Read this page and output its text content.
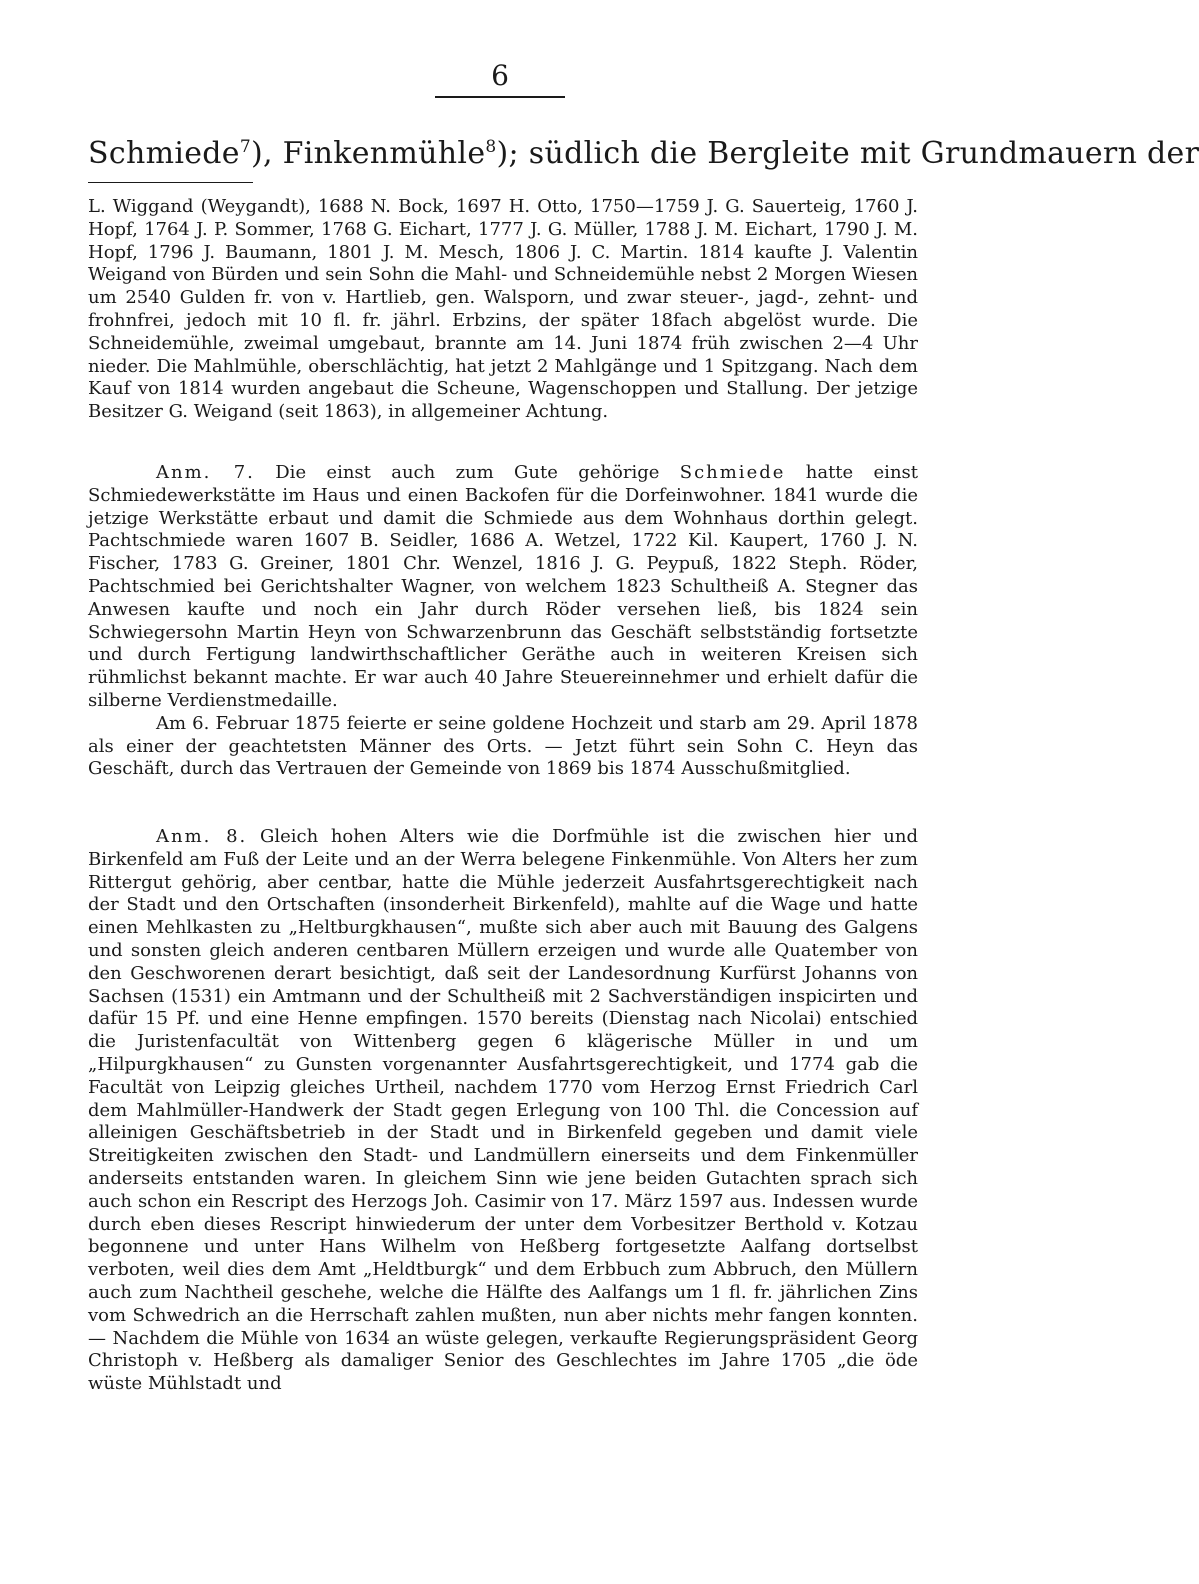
6
Schmiede$^7$), Finkenmühle$^8$); südlich die Bergleite mit Grundmauern der

L. Wiggand (Weygandt), 1688 N. Bock, 1697 H. Otto, 1750—1759 J. G. Sauerteig, 1760 J. Hopf, 1764 J. P. Sommer, 1768 G. Eichart, 1777 J. G. Müller, 1788 J. M. Eichart, 1790 J. M. Hopf, 1796 J. Baumann, 1801 J. M. Mesch, 1806 J. C. Martin. 1814 kaufte J. Valentin Weigand von Bürden und sein Sohn die Mahl- und Schneidemühle nebst 2 Morgen Wiesen um 2540 Gulden fr. von v. Hartlieb, gen. Walsporn, und zwar steuer-, jagd-, zehnt- und frohnfrei, jedoch mit 10 fl. fr. jährl. Erbzins, der später 18fach abgelöst wurde. Die Schneidemühle, zweimal umgebaut, brannte am 14. Juni 1874 früh zwischen 2—4 Uhr nieder. Die Mahlmühle, oberschlächtig, hat jetzt 2 Mahlgänge und 1 Spitzgang. Nach dem Kauf von 1814 wurden angebaut die Scheune, Wagenschoppen und Stallung. Der jetzige Besitzer G. Weigand (seit 1863), in allgemeiner Achtung.

Anm. 7. Die einst auch zum Gute gehörige Schmiede hatte einst Schmiedewerkstätte im Haus und einen Backofen für die Dorfeinwohner. 1841 wurde die jetzige Werkstätte erbaut und damit die Schmiede aus dem Wohnhaus dorthin gelegt. Pachtschmiede waren 1607 B. Seidler, 1686 A. Wetzel, 1722 Kil. Kaupert, 1760 J. N. Fischer, 1783 G. Greiner, 1801 Chr. Wenzel, 1816 J. G. Peypuß, 1822 Steph. Röder, Pachtschmied bei Gerichtshalter Wagner, von welchem 1823 Schultheiß A. Stegner das Anwesen kaufte und noch ein Jahr durch Röder versehen ließ, bis 1824 sein Schwiegersohn Martin Heyn von Schwarzenbrunn das Geschäft selbstständig fortsetzte und durch Fertigung landwirthschaftlicher Geräthe auch in weiteren Kreisen sich rühmlichst bekannt machte. Er war auch 40 Jahre Steuereinnehmer und erhielt dafür die silberne Verdienstmedaille.

Am 6. Februar 1875 feierte er seine goldene Hochzeit und starb am 29. April 1878 als einer der geachtetsten Männer des Orts. — Jetzt führt sein Sohn C. Heyn das Geschäft, durch das Vertrauen der Gemeinde von 1869 bis 1874 Ausschußmitglied.

Anm. 8. Gleich hohen Alters wie die Dorfmühle ist die zwischen hier und Birkenfeld am Fuß der Leite und an der Werra belegene Finkenmühle. Von Alters her zum Rittergut gehörig, aber centbar, hatte die Mühle jederzeit Ausfahrtsgerechtigkeit nach der Stadt und den Ortschaften (insonderheit Birkenfeld), mahlte auf die Wage und hatte einen Mehlkasten zu „Heltburgkhausen“, mußte sich aber auch mit Bauung des Galgens und sonsten gleich anderen centbaren Müllern erzeigen und wurde alle Quatember von den Geschworenen derart besichtigt, daß seit der Landesordnung Kurfürst Johanns von Sachsen (1531) ein Amtmann und der Schultheiß mit 2 Sachverständigen inspicirten und dafür 15 Pf. und eine Henne empfingen. 1570 bereits (Dienstag nach Nicolai) entschied die Juristenfacultät von Wittenberg gegen 6 klägerische Müller in und um „Hilpurgkhausen“ zu Gunsten vorgenannter Ausfahrtsgerechtigkeit, und 1774 gab die Facultät von Leipzig gleiches Urtheil, nachdem 1770 vom Herzog Ernst Friedrich Carl dem Mahlmüller-Handwerk der Stadt gegen Erlegung von 100 Thl. die Concession auf alleinigen Geschäftsbetrieb in der Stadt und in Birkenfeld gegeben und damit viele Streitigkeiten zwischen den Stadt- und Landmüllern einerseits und dem Finkenmüller anderseits entstanden waren. In gleichem Sinn wie jene beiden Gutachten sprach sich auch schon ein Rescript des Herzogs Joh. Casimir von 17. März 1597 aus. Indessen wurde durch eben dieses Rescript hinwiederum der unter dem Vorbesitzer Berthold v. Kotzau begonnene und unter Hans Wilhelm von Heßberg fortgesetzte Aalfang dortselbst verboten, weil dies dem Amt „Heldtburgk“ und dem Erbbuch zum Abbruch, den Müllern auch zum Nachtheil geschehe, welche die Hälfte des Aalfangs um 1 fl. fr. jährlichen Zins vom Schwedrich an die Herrschaft zahlen mußten, nun aber nichts mehr fangen konnten. — Nachdem die Mühle von 1634 an wüste gelegen, verkaufte Regierungspräsident Georg Christoph v. Heßberg als damaliger Senior des Geschlechtes im Jahre 1705 „die öde wüste Mühlstadt und
